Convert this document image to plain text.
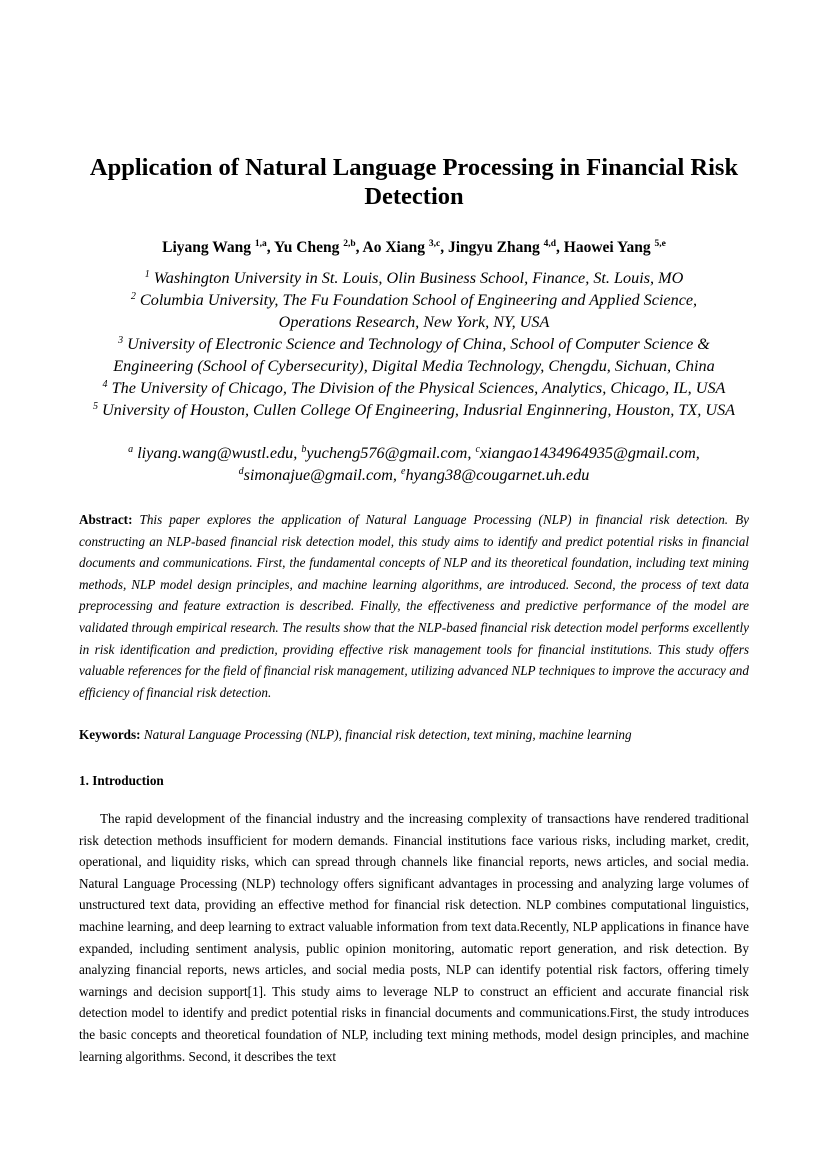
Application of Natural Language Processing in Financial Risk Detection
Liyang Wang $^{1,a}$, Yu Cheng $^{2,b}$, Ao Xiang $^{3,c}$, Jingyu Zhang $^{4,d}$, Haowei Yang $^{5,e}$
$^1$ Washington University in St. Louis, Olin Business School, Finance, St. Louis, MO
$^2$ Columbia University, The Fu Foundation School of Engineering and Applied Science,
Operations Research, New York, NY, USA
$^3$ University of Electronic Science and Technology of China, School of Computer Science &
Engineering (School of Cybersecurity), Digital Media Technology, Chengdu, Sichuan, China
$^4$ The University of Chicago, The Division of the Physical Sciences, Analytics, Chicago, IL, USA
$^5$ University of Houston, Cullen College Of Engineering, Indusrial Enginnering, Houston, TX, USA
$^a$ liyang.wang@wustl.edu, $^b$yucheng576@gmail.com, $^c$xiangao1434964935@gmail.com,
$^d$simonajue@gmail.com, $^e$hyang38@cougarnet.uh.edu
Abstract: This paper explores the application of Natural Language Processing (NLP) in financial risk detection. By constructing an NLP-based financial risk detection model, this study aims to identify and predict potential risks in financial documents and communications. First, the fundamental concepts of NLP and its theoretical foundation, including text mining methods, NLP model design principles, and machine learning algorithms, are introduced. Second, the process of text data preprocessing and feature extraction is described. Finally, the effectiveness and predictive performance of the model are validated through empirical research. The results show that the NLP-based financial risk detection model performs excellently in risk identification and prediction, providing effective risk management tools for financial institutions. This study offers valuable references for the field of financial risk management, utilizing advanced NLP techniques to improve the accuracy and efficiency of financial risk detection.
Keywords: Natural Language Processing (NLP), financial risk detection, text mining, machine learning
1. Introduction
The rapid development of the financial industry and the increasing complexity of transactions have rendered traditional risk detection methods insufficient for modern demands. Financial institutions face various risks, including market, credit, operational, and liquidity risks, which can spread through channels like financial reports, news articles, and social media. Natural Language Processing (NLP) technology offers significant advantages in processing and analyzing large volumes of unstructured text data, providing an effective method for financial risk detection. NLP combines computational linguistics, machine learning, and deep learning to extract valuable information from text data.Recently, NLP applications in finance have expanded, including sentiment analysis, public opinion monitoring, automatic report generation, and risk detection. By analyzing financial reports, news articles, and social media posts, NLP can identify potential risk factors, offering timely warnings and decision support[1]. This study aims to leverage NLP to construct an efficient and accurate financial risk detection model to identify and predict potential risks in financial documents and communications.First, the study introduces the basic concepts and theoretical foundation of NLP, including text mining methods, model design principles, and machine learning algorithms. Second, it describes the text
